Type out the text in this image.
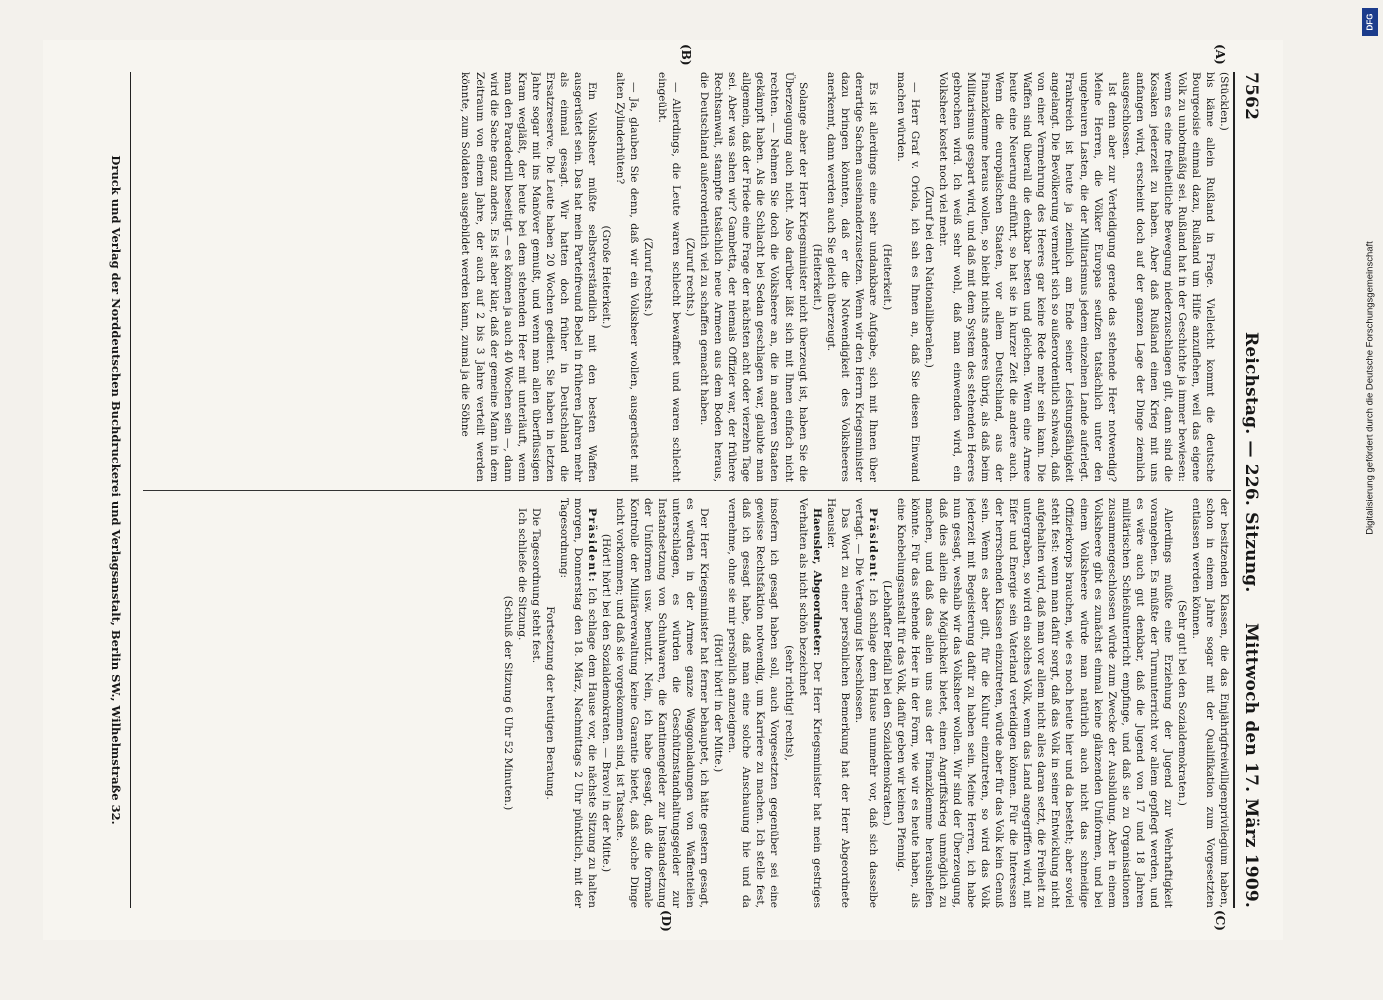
7562
Reichstag. — 226. Sitzung.
Mittwoch den 17. März 1909.
(A)
(B)
(C)
(D)

(Stücklen.)

bis käme allein Rußland in Frage. Vielleicht kommt die deutsche Bourgeoisie einmal dazu, Rußland um Hilfe anzuflehen, weil das eigene Volk zu unbotmäßig sei. Rußland hat in der Geschichte ja immer bewiesen: wenn es eine freiheitliche Bewegung niederzuschlagen gilt, dann sind die Kosaken jederzeit zu haben. Aber daß Rußland einen Krieg mit uns anfangen wird, erscheint doch auf der ganzen Lage der Dinge ziemlich ausgeschlossen.

Ist denn aber zur Verteidigung gerade das stehende Heer notwendig? Meine Herren, die Völker Europas seufzen tatsächlich unter den ungeheuren Lasten, die der Militarismus jedem einzelnen Lande auferlegt. Frankreich ist heute ja ziemlich am Ende seiner Leistungsfähigkeit angelangt. Die Bevölkerung vermehrt sich so außerordentlich schwach, daß von einer Vermehrung des Heeres gar keine Rede mehr sein kann. Die Waffen sind überall die denkbar besten und gleichen. Wenn eine Armee heute eine Neuerung einführt, so hat sie in kurzer Zeit die andere auch. Wenn die europäischen Staaten, vor allem Deutschland, aus der Finanzklemme heraus wollen, so bleibt nichts anderes übrig, als daß beim Militarismus gespart wird, und daß mit dem System des stehenden Heeres gebrochen wird. Ich weiß sehr wohl, daß man einwenden wird, ein Volksheer kostet noch viel mehr.

(Zuruf bei den Nationalliberalen.)

— Herr Graf v. Oriola, ich sah es Ihnen an, daß Sie diesen Einwand machen würden.

(Heiterkeit.)

Es ist allerdings eine sehr undankbare Aufgabe, sich mit Ihnen über derartige Sachen auseinanderzusetzen. Wenn wir den Herrn Kriegsminister dazu bringen könnten, daß er die Notwendigkeit des Volksheeres anerkennt, dann werden auch Sie gleich überzeugt.

(Heiterkeit.)

Solange aber der Herr Kriegsminister nicht überzeugt ist, haben Sie die Überzeugung auch nicht. Also darüber läßt sich mit Ihnen einfach nicht rechten. — Nehmen Sie doch die Volksheere an, die in anderen Staaten gekämpft haben. Als die Schlacht bei Sedan geschlagen war, glaubte man allgemein, daß der Friede eine Frage der nächsten acht oder vierzehn Tage sei. Aber was sahen wir? Gambetta, der niemals Offizier war, der frühere Rechtsanwalt, stampfte tatsächlich neue Armeen aus dem Boden heraus, die Deutschland außerordentlich viel zu schaffen gemacht haben.

(Zuruf rechts.)

— Allerdings, die Leute waren schlecht bewaffnet und waren schlecht eingeübt.

(Zuruf rechts.)

— Ja, glauben Sie denn, daß wir ein Volksheer wollen, ausgerüstet mit alten Zylinderhüten?

(Große Heiterkeit.)

Ein Volksheer müßte selbstverständlich mit den besten Waffen ausgerüstet sein. Das hat mein Parteifreund Bebel in früheren Jahren mehr als einmal gesagt. Wir hatten doch früher in Deutschland die Ersatzreserve. Die Leute haben 20 Wochen gedient. Sie haben in letzten Jahre sogar mit ins Manöver gemußt, und wenn man allen überflüssigen Kram wegläßt, der heute bei dem stehenden Heer mit unterläuft, wenn man den Paradedrill beseitigt — es können ja auch 40 Wochen sein —, dann wird die Sache ganz anders. Es ist aber klar, daß der gemeine Mann in dem Zeitraum von einem Jahre, der auch auf 2 bis 3 Jahre verteilt werden könnte, zum Soldaten ausgebildet werden kann, zumal ja die Söhne

der besitzenden Klassen, die das Einjährigfreiwilligenprivilegium haben, schon in einem Jahre sogar mit der Qualifikation zum Vorgesetzten entlassen werden können.

(Sehr gut! bei den Sozialdemokraten.)

Allerdings müßte eine Erziehung der Jugend zur Wehrhaftigkeit vorangehen. Es müßte der Turnunterricht vor allem gepflegt werden, und es wäre auch gut denkbar, daß die Jugend von 17 und 18 Jahren militärischen Schießunterricht empfinge, und daß sie zu Organisationen zusammengeschlossen würde zum Zwecke der Ausbildung. Aber in einem Volksheere gibt es zunächst einmal keine glänzenden Uniformen, und bei einem Volksheere würde man natürlich auch nicht das schneidige Offizierkorps brauchen, wie es noch heute hier und da besteht; aber soviel steht fest: wenn man dafür sorgt, daß das Volk in seiner Entwicklung nicht aufgehalten wird, daß man vor allem nicht alles daran setzt, die Freiheit zu untergraben, so wird ein solches Volk, wenn das Land angegriffen wird, mit Eifer und Energie sein Vaterland verteidigen können. Für die Interessen der herrschenden Klassen einzutreten, würde aber für das Volk kein Genuß sein. Wenn es aber gilt, für die Kultur einzutreten, so wird das Volk jederzeit mit Begeisterung dafür zu haben sein. Meine Herren, ich habe nun gesagt, weshalb wir das Volksheer wollen. Wir sind der Überzeugung, daß dies allein die Möglichkeit bietet, einen Angriffskrieg unmöglich zu machen, und daß das allein uns aus der Finanzklemme heraushelfen könnte. Für das stehende Heer in der Form, wie wir es heute haben, als eine Knebelungsanstalt für das Volk, dafür geben wir keinen Pfennig.

(Lebhafter Beifall bei den Sozialdemokraten.)

Präsident: Ich schlage dem Hause nunmehr vor, daß sich dasselbe vertagt. — Die Vertagung ist beschlossen.

Das Wort zu einer persönlichen Bemerkung hat der Herr Abgeordnete Haeusler.

Haeusler, Abgeordneter: Der Herr Kriegsminister hat mein gestriges Verhalten als nicht schön bezeichnet

(sehr richtig! rechts),

insofern ich gesagt haben soll, auch Vorgesetzten gegenüber sei eine gewisse Rechtsfaktion notwendig, um Karriere zu machen. Ich stelle fest, daß ich gesagt habe, daß man eine solche Anschauung hie und da vernehme, ohne sie mir persönlich anzueignen.

(Hört! hört! in der Mitte.)

Der Herr Kriegsminister hat ferner behauptet, ich hätte gestern gesagt, es würden in der Armee ganze Waggonladungen von Waffenteilen unterschlagen, es würden die Geschütznstandhaltungsgelder zur Instandsetzung von Schuhwaren, die Kantinengelder zur Instandsetzung der Uniformen usw. benutzt. Nein, ich habe gesagt, daß die formale Kontrolle der Militärverwaltung keine Garantie bietet, daß solche Dinge nicht vorkommen; und daß sie vorgekommen sind, ist Tatsache.

(Hört! hört! bei den Sozialdemokraten. — Bravo! in der Mitte.)

Präsident: Ich schlage dem Hause vor, die nächste Sitzung zu halten morgen, Donnerstag den 18. März, Nachmittags 2 Uhr pünktlich, mit der Tagesordnung:

Fortsetzung der heutigen Beratung.

Die Tagesordnung steht fest.

Ich schließe die Sitzung.

(Schluß der Sitzung 6 Uhr 52 Minuten.)

Druck und Verlag der Norddeutschen Buchdruckerei und Verlagsanstalt, Berlin SW., Wilhelmstraße 32.
DFG
Digitalisierung gefördert durch die Deutsche Forschungsgemeinschaft
